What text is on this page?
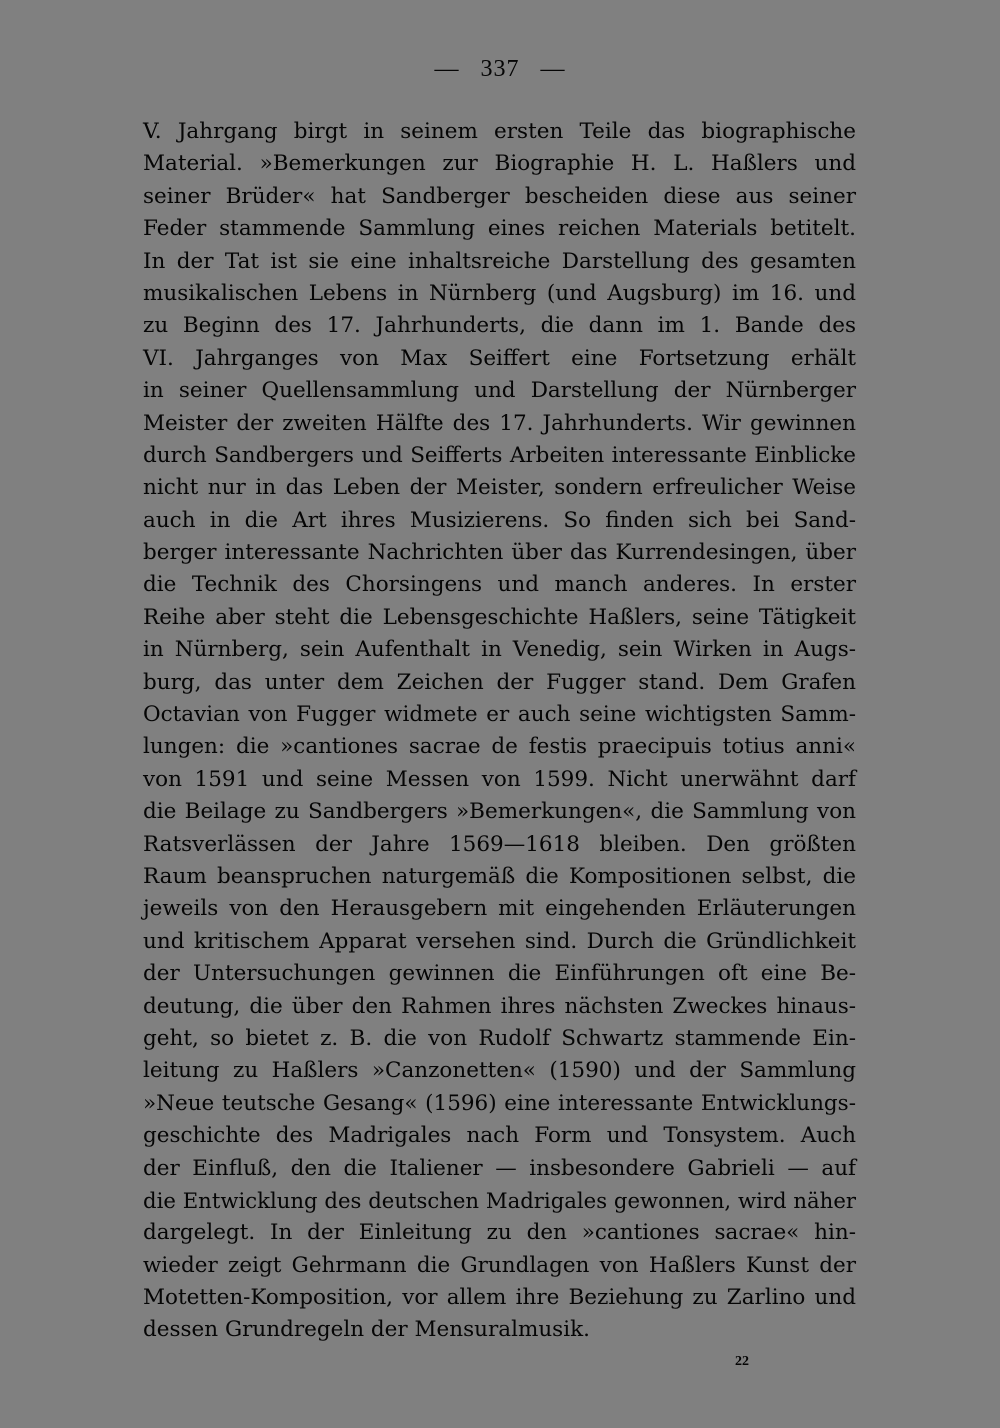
—   337   —
V. Jahrgang birgt in seinem ersten Teile das biographische
Material. »Bemerkungen zur Biographie H. L. Haßlers und
seiner Brüder« hat Sandberger bescheiden diese aus seiner
Feder stammende Sammlung eines reichen Materials betitelt.
In der Tat ist sie eine inhaltsreiche Darstellung des gesamten
musikalischen Lebens in Nürnberg (und Augsburg) im 16. und
zu Beginn des 17. Jahrhunderts, die dann im 1. Bande des
VI. Jahrganges von Max Seiffert eine Fortsetzung erhält
in seiner Quellensammlung und Darstellung der Nürnberger
Meister der zweiten Hälfte des 17. Jahrhunderts. Wir gewinnen
durch Sandbergers und Seifferts Arbeiten interessante Einblicke
nicht nur in das Leben der Meister, sondern erfreulicher Weise
auch in die Art ihres Musizierens. So finden sich bei Sand-
berger interessante Nachrichten über das Kurrendesingen, über
die Technik des Chorsingens und manch anderes. In erster
Reihe aber steht die Lebensgeschichte Haßlers, seine Tätigkeit
in Nürnberg, sein Aufenthalt in Venedig, sein Wirken in Augs-
burg, das unter dem Zeichen der Fugger stand. Dem Grafen
Octavian von Fugger widmete er auch seine wichtigsten Samm-
lungen: die »cantiones sacrae de festis praecipuis totius anni«
von 1591 und seine Messen von 1599. Nicht unerwähnt darf
die Beilage zu Sandbergers »Bemerkungen«, die Sammlung von
Ratsverlässen der Jahre 1569—1618 bleiben. Den größten
Raum beanspruchen naturgemäß die Kompositionen selbst, die
jeweils von den Herausgebern mit eingehenden Erläuterungen
und kritischem Apparat versehen sind. Durch die Gründlichkeit
der Untersuchungen gewinnen die Einführungen oft eine Be-
deutung, die über den Rahmen ihres nächsten Zweckes hinaus-
geht, so bietet z. B. die von Rudolf Schwartz stammende Ein-
leitung zu Haßlers »Canzonetten« (1590) und der Sammlung
»Neue teutsche Gesang« (1596) eine interessante Entwicklungs-
geschichte des Madrigales nach Form und Tonsystem. Auch
der Einfluß, den die Italiener — insbesondere Gabrieli — auf
die Entwicklung des deutschen Madrigales gewonnen, wird näher
dargelegt. In der Einleitung zu den »cantiones sacrae« hin-
wieder zeigt Gehrmann die Grundlagen von Haßlers Kunst der
Motetten-Komposition, vor allem ihre Beziehung zu Zarlino und
dessen Grundregeln der Mensuralmusik.
22
